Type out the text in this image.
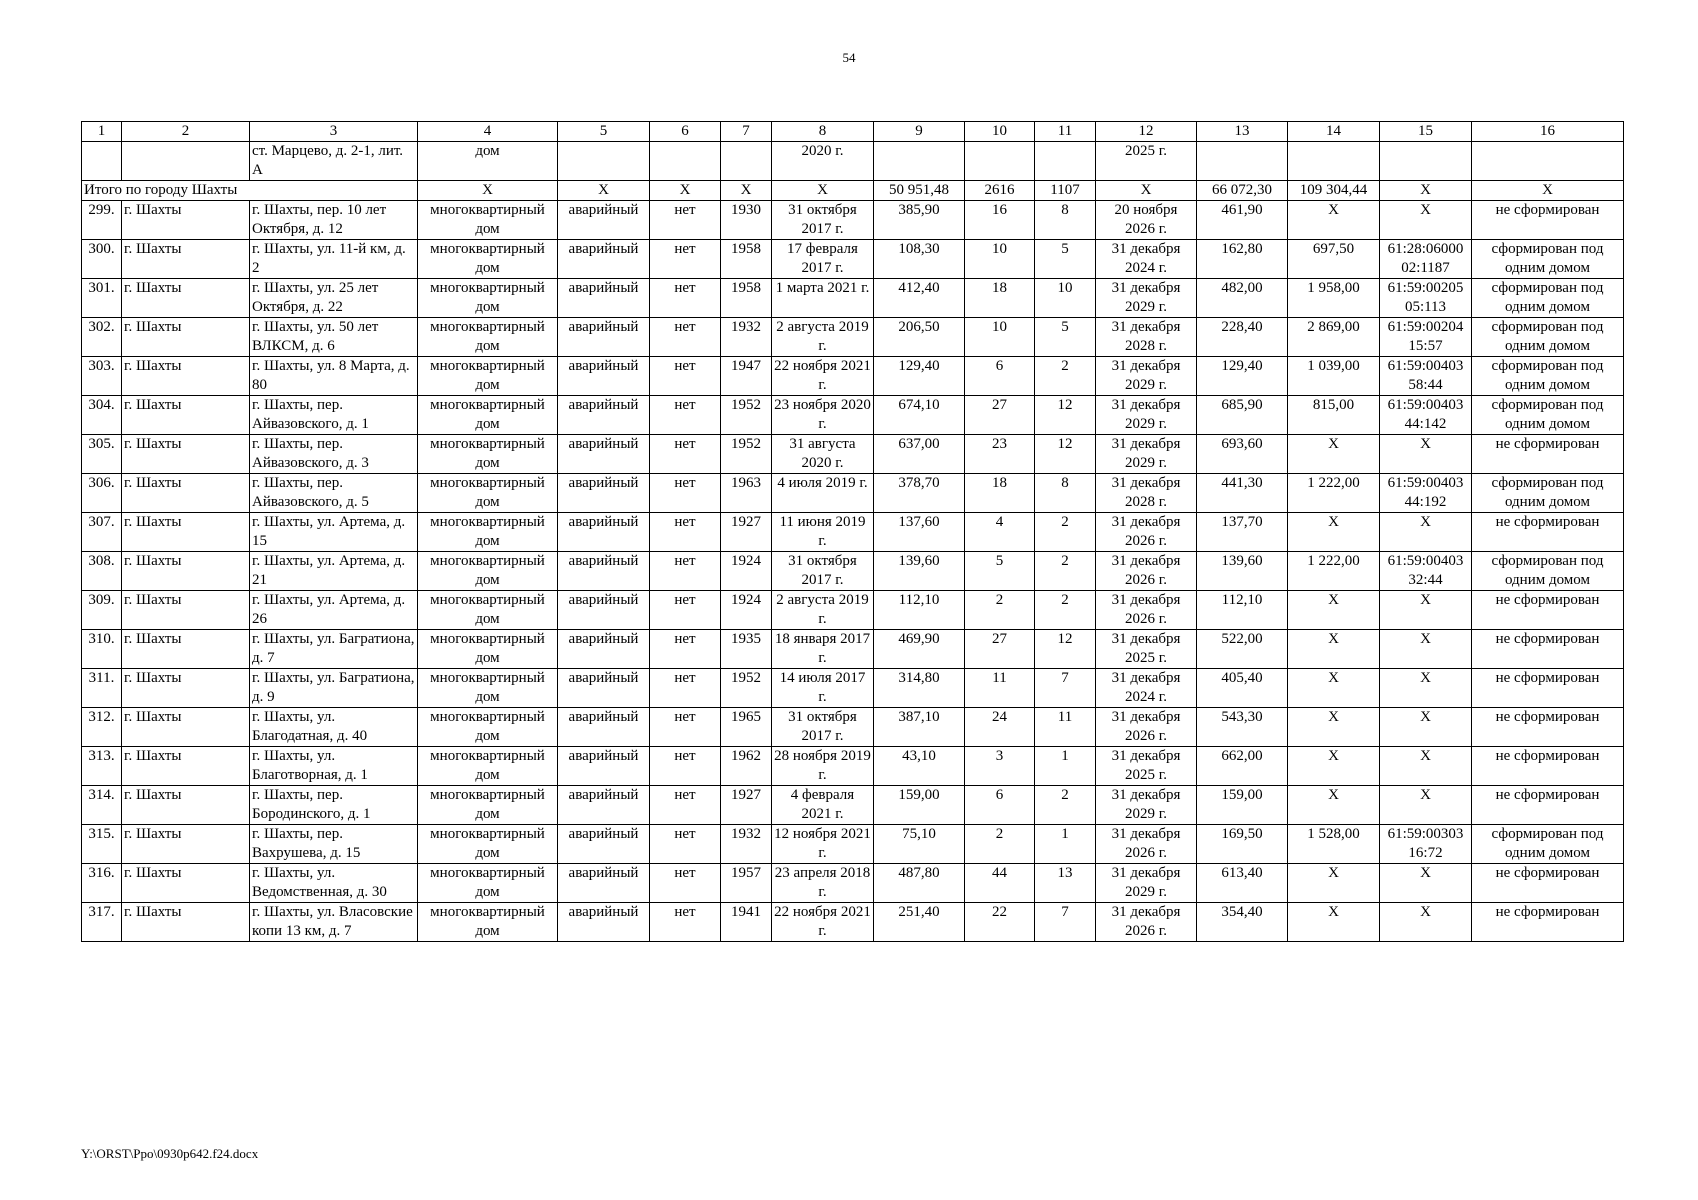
54
1	2	3	4	5	6	7	8	9	10	11	12	13	14	15	16
		ст. Марцево, д. 2-1, лит. А	дом				2020 г.				2025 г.				
Итого по городу Шахты			X	X	X	X	X	50 951,48	2616	1107	X	66 072,30	109 304,44	X	X
299.	г. Шахты	г. Шахты, пер. 10 лет Октября, д. 12	многоквартирный дом	аварийный	нет	1930	31 октября 2017 г.	385,90	16	8	20 ноября 2026 г.	461,90	X	X	не сформирован
300.	г. Шахты	г. Шахты, ул. 11-й км, д. 2	многоквартирный дом	аварийный	нет	1958	17 февраля 2017 г.	108,30	10	5	31 декабря 2024 г.	162,80	697,50	61:28:06000 02:1187	сформирован под одним домом
301.	г. Шахты	г. Шахты, ул. 25 лет Октября, д. 22	многоквартирный дом	аварийный	нет	1958	1 марта 2021 г.	412,40	18	10	31 декабря 2029 г.	482,00	1 958,00	61:59:00205 05:113	сформирован под одним домом
302.	г. Шахты	г. Шахты, ул. 50 лет ВЛКСМ, д. 6	многоквартирный дом	аварийный	нет	1932	2 августа 2019 г.	206,50	10	5	31 декабря 2028 г.	228,40	2 869,00	61:59:00204 15:57	сформирован под одним домом
303.	г. Шахты	г. Шахты, ул. 8 Марта, д. 80	многоквартирный дом	аварийный	нет	1947	22 ноября 2021 г.	129,40	6	2	31 декабря 2029 г.	129,40	1 039,00	61:59:00403 58:44	сформирован под одним домом
304.	г. Шахты	г. Шахты, пер. Айвазовского, д. 1	многоквартирный дом	аварийный	нет	1952	23 ноября 2020 г.	674,10	27	12	31 декабря 2029 г.	685,90	815,00	61:59:00403 44:142	сформирован под одним домом
305.	г. Шахты	г. Шахты, пер. Айвазовского, д. 3	многоквартирный дом	аварийный	нет	1952	31 августа 2020 г.	637,00	23	12	31 декабря 2029 г.	693,60	X	X	не сформирован
306.	г. Шахты	г. Шахты, пер. Айвазовского, д. 5	многоквартирный дом	аварийный	нет	1963	4 июля 2019 г.	378,70	18	8	31 декабря 2028 г.	441,30	1 222,00	61:59:00403 44:192	сформирован под одним домом
307.	г. Шахты	г. Шахты, ул. Артема, д. 15	многоквартирный дом	аварийный	нет	1927	11 июня 2019 г.	137,60	4	2	31 декабря 2026 г.	137,70	X	X	не сформирован
308.	г. Шахты	г. Шахты, ул. Артема, д. 21	многоквартирный дом	аварийный	нет	1924	31 октября 2017 г.	139,60	5	2	31 декабря 2026 г.	139,60	1 222,00	61:59:00403 32:44	сформирован под одним домом
309.	г. Шахты	г. Шахты, ул. Артема, д. 26	многоквартирный дом	аварийный	нет	1924	2 августа 2019 г.	112,10	2	2	31 декабря 2026 г.	112,10	X	X	не сформирован
310.	г. Шахты	г. Шахты, ул. Багратиона, д. 7	многоквартирный дом	аварийный	нет	1935	18 января 2017 г.	469,90	27	12	31 декабря 2025 г.	522,00	X	X	не сформирован
311.	г. Шахты	г. Шахты, ул. Багратиона, д. 9	многоквартирный дом	аварийный	нет	1952	14 июля 2017 г.	314,80	11	7	31 декабря 2024 г.	405,40	X	X	не сформирован
312.	г. Шахты	г. Шахты, ул. Благодатная, д. 40	многоквартирный дом	аварийный	нет	1965	31 октября 2017 г.	387,10	24	11	31 декабря 2026 г.	543,30	X	X	не сформирован
313.	г. Шахты	г. Шахты, ул. Благотворная, д. 1	многоквартирный дом	аварийный	нет	1962	28 ноября 2019 г.	43,10	3	1	31 декабря 2025 г.	662,00	X	X	не сформирован
314.	г. Шахты	г. Шахты, пер. Бородинского, д. 1	многоквартирный дом	аварийный	нет	1927	4 февраля 2021 г.	159,00	6	2	31 декабря 2029 г.	159,00	X	X	не сформирован
315.	г. Шахты	г. Шахты, пер. Вахрушева, д. 15	многоквартирный дом	аварийный	нет	1932	12 ноября 2021 г.	75,10	2	1	31 декабря 2026 г.	169,50	1 528,00	61:59:00303 16:72	сформирован под одним домом
316.	г. Шахты	г. Шахты, ул. Ведомственная, д. 30	многоквартирный дом	аварийный	нет	1957	23 апреля 2018 г.	487,80	44	13	31 декабря 2029 г.	613,40	X	X	не сформирован
317.	г. Шахты	г. Шахты, ул. Власовские копи 13 км, д. 7	многоквартирный дом	аварийный	нет	1941	22 ноября 2021 г.	251,40	22	7	31 декабря 2026 г.	354,40	X	X	не сформирован
Y:\ORST\Ppo\0930p642.f24.docx
